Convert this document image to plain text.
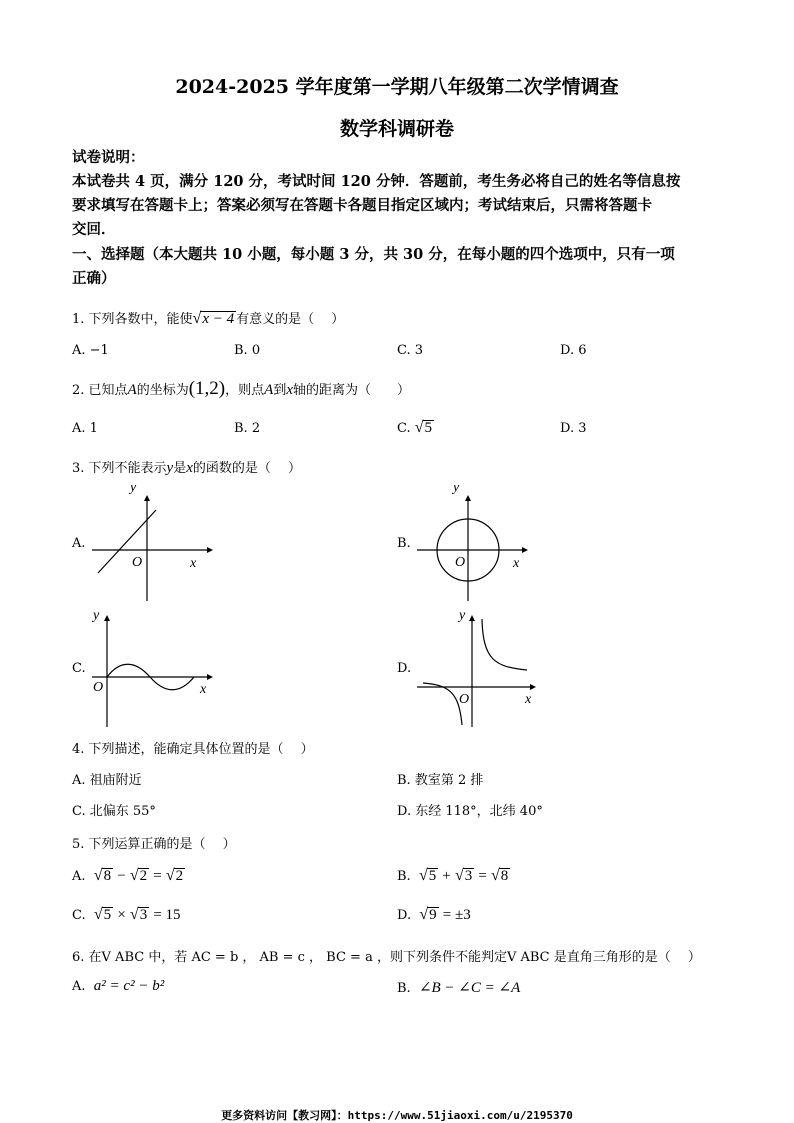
2024-2025 学年度第一学期八年级第二次学情调查
数学科调研卷
试卷说明：
本试卷共 4 页，满分 120 分，考试时间 120 分钟．答题前，考生务必将自己的姓名等信息按
要求填写在答题卡上；答案必须写在答题卡各题目指定区域内；考试结束后，只需将答题卡
交回．
一、选择题（本大题共 10 小题，每小题 3 分，共 30 分，在每小题的四个选项中，只有一项
正确）
1. 下列各数中，能使√x − 4 有意义的是（　 ）
A. −1	B. 0	C. 3	D. 6
2. 已知点A的坐标为(1,2)，则点A到x轴的距离为（　　）
A. 1	B. 2	C. √5	D. 3
3. 下列不能表示y是x的函数的是（　 ）
A.
y
O	x
B.
y
O	x
C.
y
O	x
D.
y
O	x
4. 下列描述，能确定具体位置的是（　 ）
A. 祖庙附近	B. 教室第 2 排
C. 北偏东 55°	D. 东经 118°，北纬 40°
5. 下列运算正确的是（　 ）
A. √8 − √2 = √2	B. √5 + √3 = √8
C. √5 × √3 = 15	D. √9 = ±3
6. 在V ABC 中，若 AC = b ， AB = c ， BC = a ，则下列条件不能判定V ABC 是直角三角形的是（　 ）
A. a² = c² − b²	B. ∠B − ∠C = ∠A
更多资料访问【教习网】：https://www.51jiaoxi.com/u/2195370
